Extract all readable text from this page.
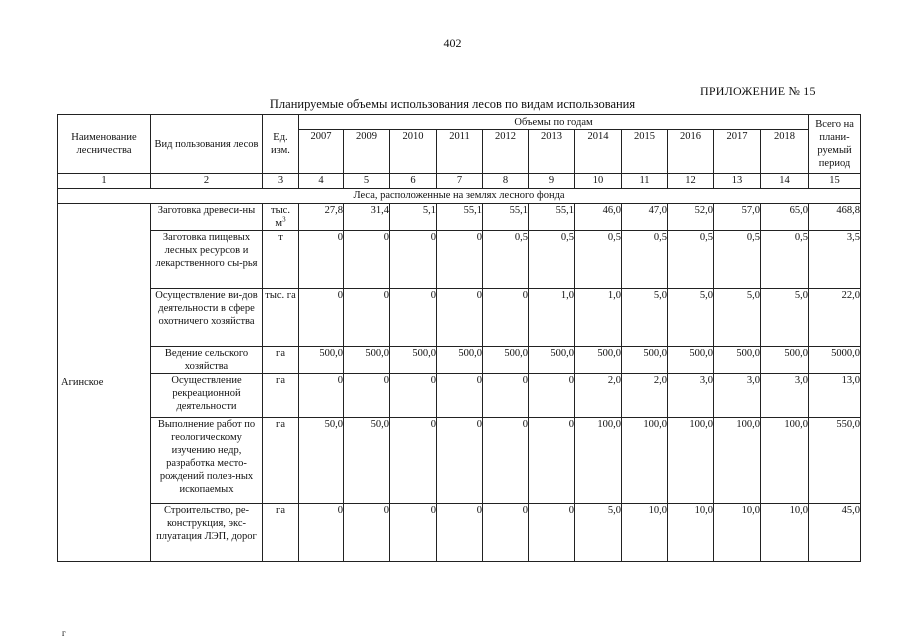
402
ПРИЛОЖЕНИЕ № 15
Планируемые объемы использования лесов по видам использования
Наименование лесничества	Вид пользования лесов	Ед. изм.	Объемы по годам											Всего на плани-руемый период
			2007	2009	2010	2011	2012	2013	2014	2015	2016	2017	2018	
1	2	3	4	5	6	7	8	9	10	11	12	13	14	15
Леса, расположенные на землях лесного фонда														
Агинское	Заготовка древеси-ны	тыс. $м^3$	27,8	31,4	5,1	55,1	55,1	55,1	46,0	47,0	52,0	57,0	65,0	468,8
	Заготовка пищевых лесных ресурсов и лекарственного сы-рья	т	0	0	0	0	0,5	0,5	0,5	0,5	0,5	0,5	0,5	3,5
	Осуществление ви-дов деятельности в сфере охотничего хозяйства	тыс. га	0	0	0	0	0	1,0	1,0	5,0	5,0	5,0	5,0	22,0
	Ведение сельского хозяйства	га	500,0	500,0	500,0	500,0	500,0	500,0	500,0	500,0	500,0	500,0	500,0	5000,0
	Осуществление рекреационной деятельности	га	0	0	0	0	0	0	2,0	2,0	3,0	3,0	3,0	13,0
	Выполнение работ по геологическому изучению недр, разработка место-рождений полез-ных ископаемых	га	50,0	50,0	0	0	0	0	100,0	100,0	100,0	100,0	100,0	550,0
	Строительство, ре-конструкция, экс-плуатация ЛЭП, дорог	га	0	0	0	0	0	0	5,0	10,0	10,0	10,0	10,0	45,0
г
